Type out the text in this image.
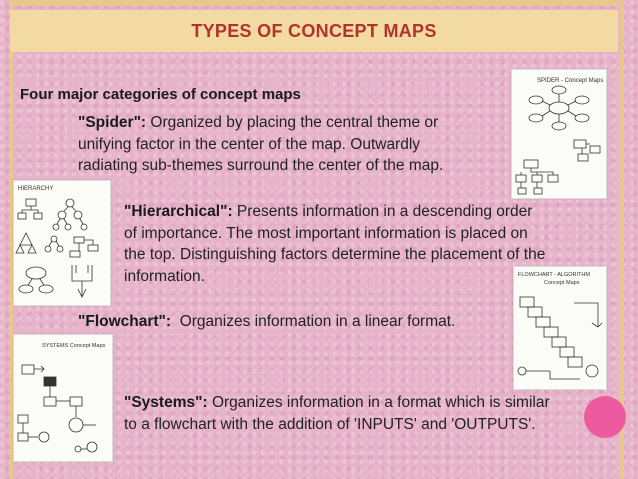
TYPES OF CONCEPT MAPS
Four major categories of concept maps
"Spider": Organized by placing the central theme or
unifying factor in the center of the map. Outwardly
radiating sub-themes surround the center of the map.
"Hierarchical": Presents information in a descending order
of importance. The most important information is placed on
the top. Distinguishing factors determine the placement of the
information.
"Flowchart": Organizes information in a linear format.
"Systems": Organizes information in a format which is similar
to a flowchart with the addition of 'INPUTS' and 'OUTPUTS'.
SPIDER - Concept Maps
HIERARCHY
FLOWCHART - ALGORITHM
Concept Maps
SYSTEMS Concept Maps
